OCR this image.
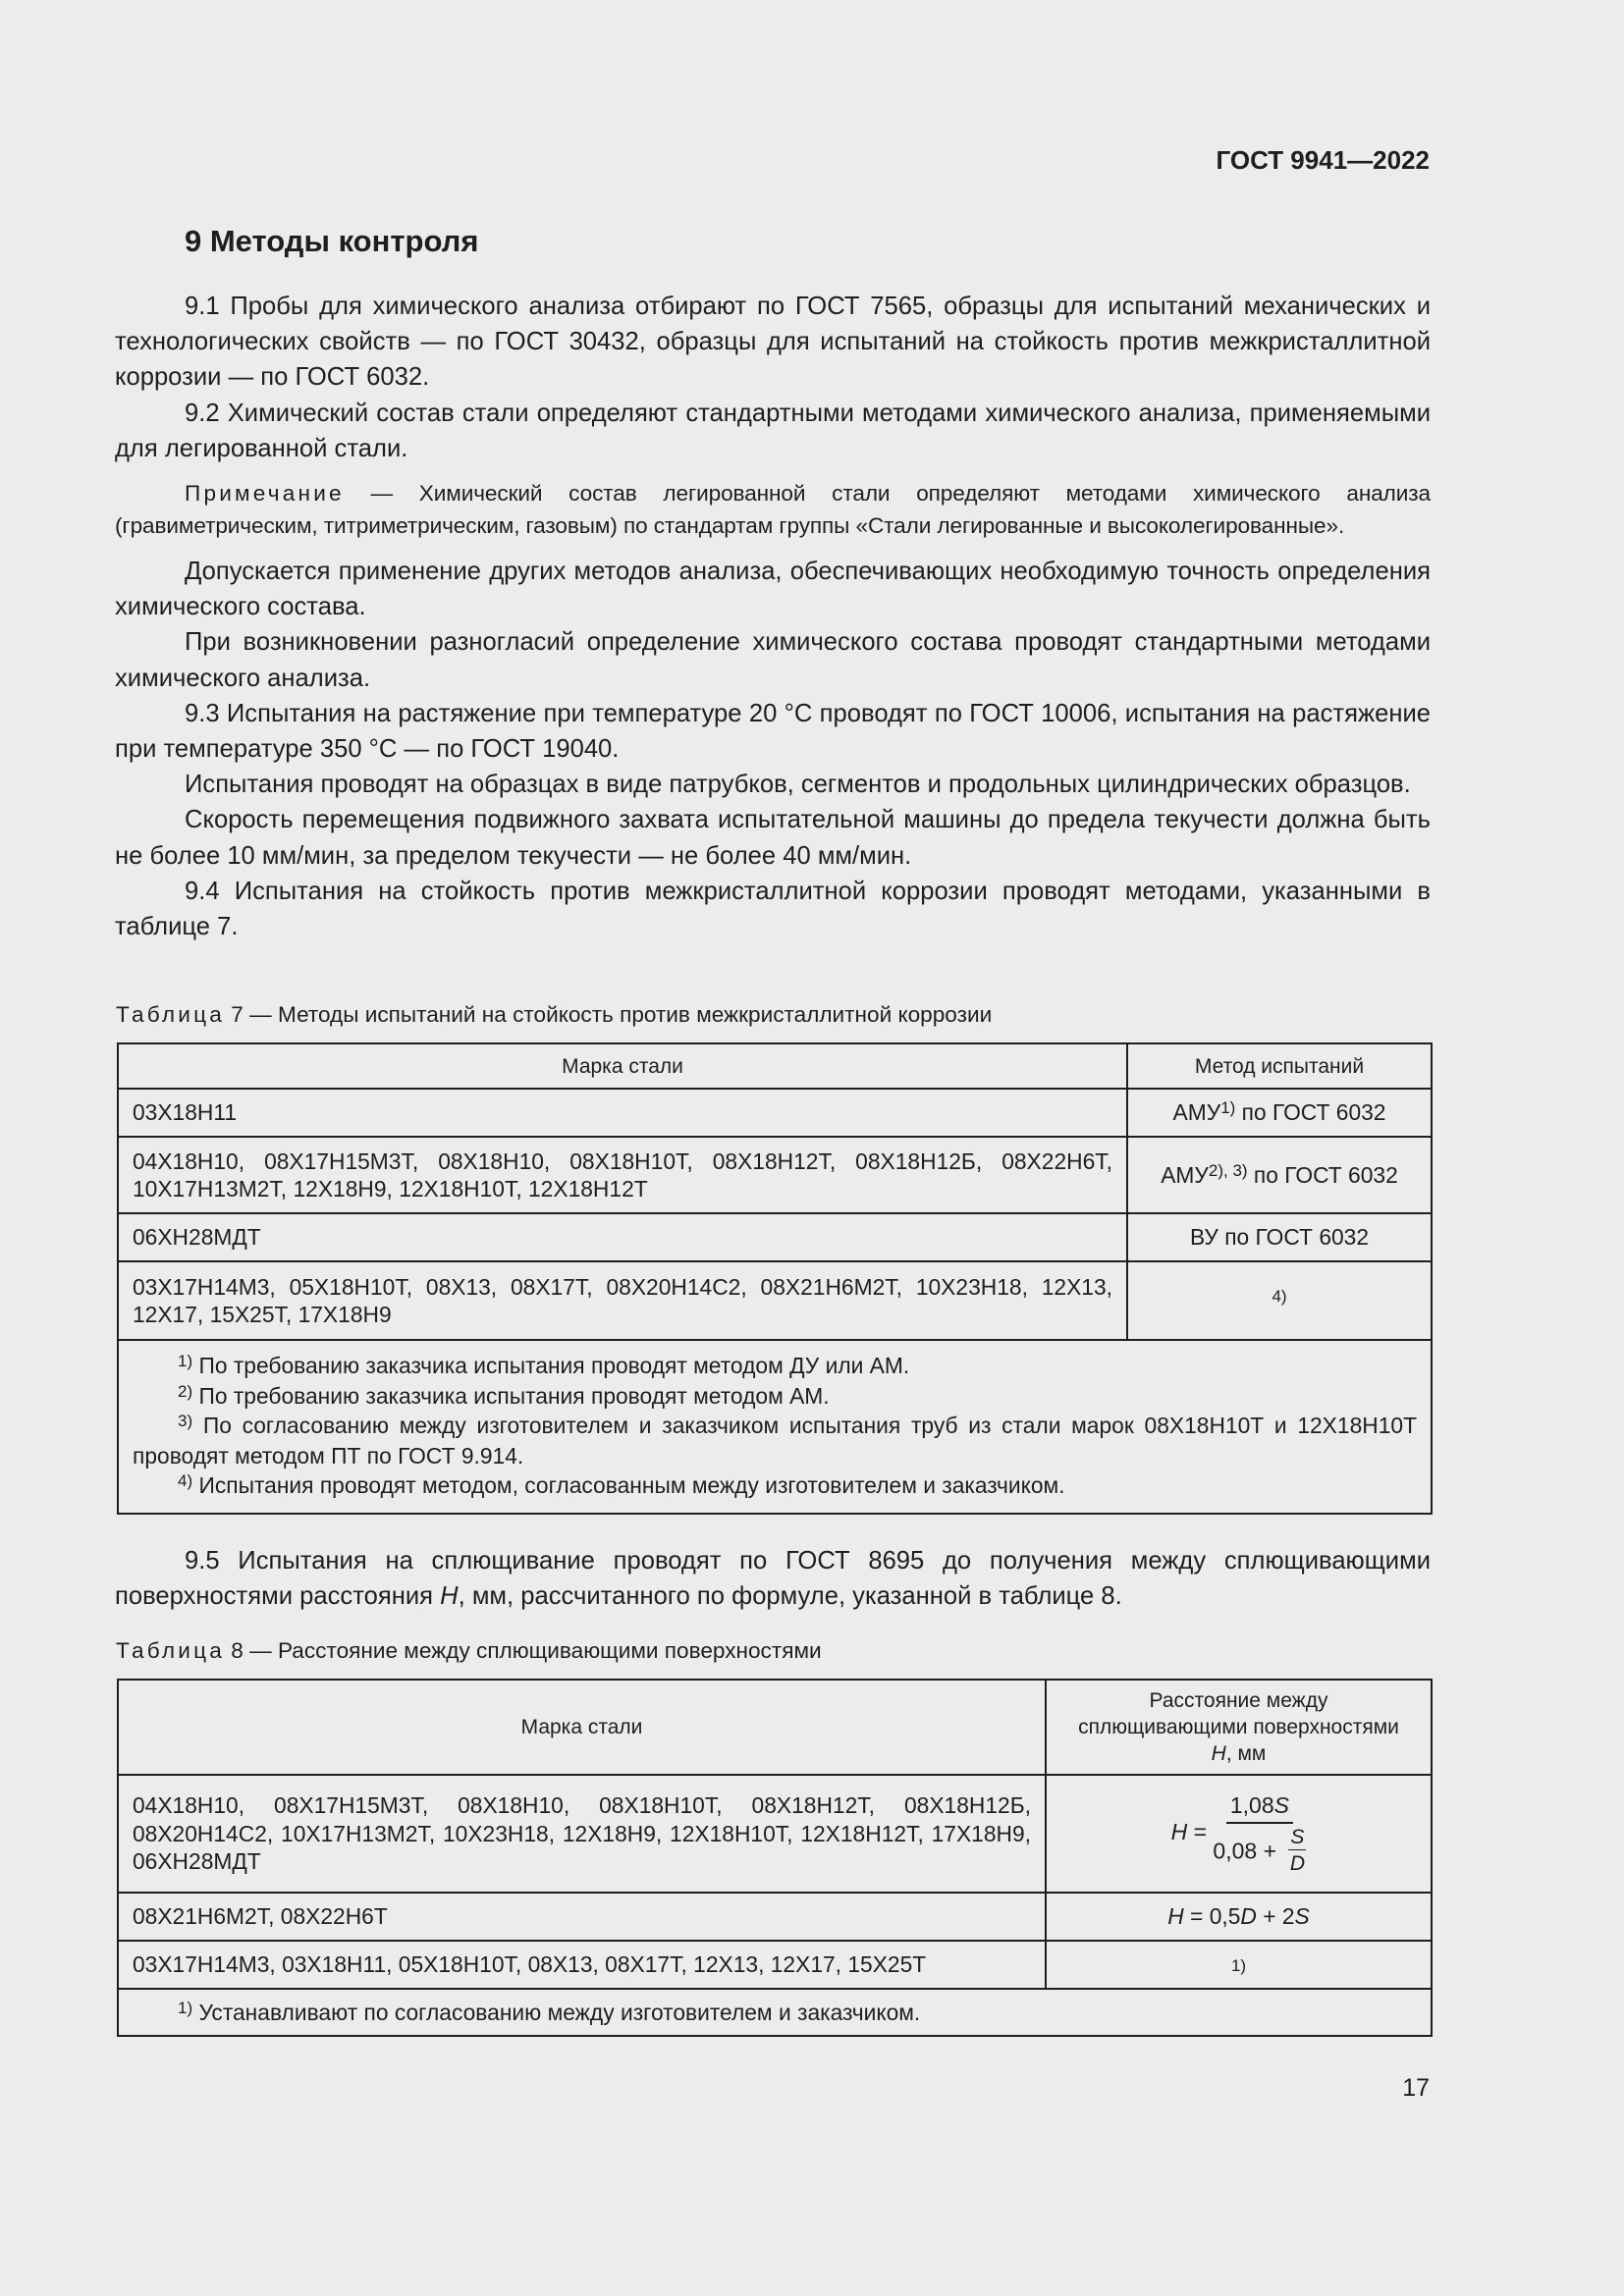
ГОСТ 9941—2022
9 Методы контроля

9.1 Пробы для химического анализа отбирают по ГОСТ 7565, образцы для испытаний механических и технологических свойств — по ГОСТ 30432, образцы для испытаний на стойкость против межкристаллитной коррозии — по ГОСТ 6032.

9.2 Химический состав стали определяют стандартными методами химического анализа, применяемыми для легированной стали.

Примечание — Химический состав легированной стали определяют методами химического анализа (гравиметрическим, титриметрическим, газовым) по стандартам группы «Стали легированные и высоколегированные».

Допускается применение других методов анализа, обеспечивающих необходимую точность определения химического состава.

При возникновении разногласий определение химического состава проводят стандартными методами химического анализа.

9.3 Испытания на растяжение при температуре 20 °С проводят по ГОСТ 10006, испытания на растяжение при температуре 350 °С — по ГОСТ 19040.

Испытания проводят на образцах в виде патрубков, сегментов и продольных цилиндрических образцов.

Скорость перемещения подвижного захвата испытательной машины до предела текучести должна быть не более 10 мм/мин, за пределом текучести — не более 40 мм/мин.

9.4 Испытания на стойкость против межкристаллитной коррозии проводят методами, указанными в таблице 7.

Таблица 7 — Методы испытаний на стойкость против межкристаллитной коррозии
Марка стали	Метод испытаний
03Х18Н11	АМУ$^{1)}$ по ГОСТ 6032
04Х18Н10, 08Х17Н15М3Т, 08Х18Н10, 08Х18Н10Т, 08Х18Н12Т, 08Х18Н12Б, 08Х22Н6Т, 10Х17Н13М2Т, 12Х18Н9, 12Х18Н10Т, 12Х18Н12Т	$АМУ^{2), 3)}$ по ГОСТ 6032
06ХН28МДТ	ВУ по ГОСТ 6032
03Х17Н14М3, 05Х18Н10Т, 08Х13, 08Х17Т, 08Х20Н14С2, 08Х21Н6М2Т, 10Х23Н18, 12Х13, 12Х17, 15Х25Т, 17Х18Н9	4)

$^{1)}$ По требованию заказчика испытания проводят методом ДУ или АМ.

$^{2)}$ По требованию заказчика испытания проводят методом АМ.

$^{3)}$ По согласованию между изготовителем и заказчиком испытания труб из стали марок 08Х18Н10Т и 12Х18Н10Т проводят методом ПТ по ГОСТ 9.914.

$^{4)}$ Испытания проводят методом, согласованным между изготовителем и заказчиком.	

9.5 Испытания на сплющивание проводят по ГОСТ 8695 до получения между сплющивающими поверхностями расстояния H, мм, рассчитанного по формуле, указанной в таблице 8.

Таблица 8 — Расстояние между сплющивающими поверхностями
Марка стали	Расстояние между
сплющивающими поверхностями
H, мм

04Х18Н10, 08Х17Н15М3Т, 08Х18Н10, 08Х18Н10Т, 08Х18Н12Т, 08Х18Н12Б, 08Х20Н14С2, 10Х17Н13М2Т, 10Х23Н18, 12Х18Н9, 12Х18Н10Т, 12Х18Н12Т, 17Х18Н9, 06ХН28МДТ	$H = \frac{1,08S}{0,08 + \frac{S}{D}}$

08Х21Н6М2Т, 08Х22Н6Т	H = 0,5D + 2S
03Х17Н14М3, 03Х18Н11, 05Х18Н10Т, 08Х13, 08Х17Т, 12Х13, 12Х17, 15Х25Т	1)

$^{1)}$ Устанавливают по согласованию между изготовителем и заказчиком.	

17
